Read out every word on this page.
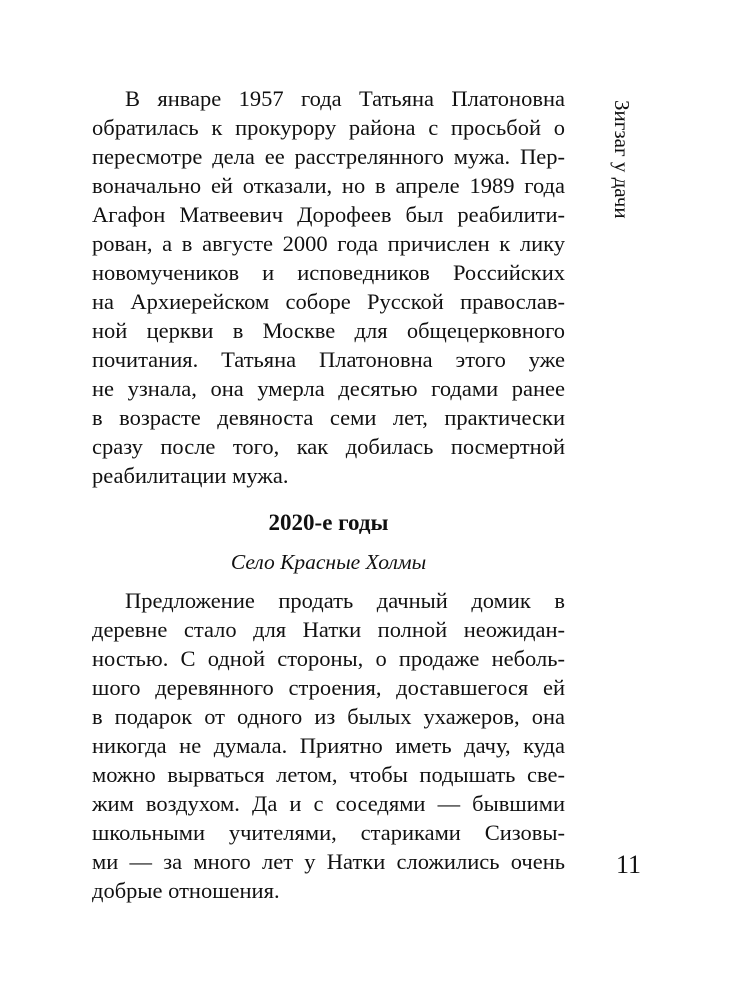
Зигзаг у дачи
В январе 1957 года Татьяна Платоновна
обратилась к прокурору района с просьбой о
пересмотре дела ее расстрелянного мужа. Пер-
воначально ей отказали, но в апреле 1989 года
Агафон Матвеевич Дорофеев был реабилити-
рован, а в августе 2000 года причислен к лику
новомучеников и исповедников Российских
на Архиерейском соборе Русской православ-
ной церкви в Москве для общецерковного
почитания. Татьяна Платоновна этого уже
не узнала, она умерла десятью годами ранее
в возрасте девяноста семи лет, практически
сразу после того, как добилась посмертной
реабилитации мужа.
2020-е годы
Село Красные Холмы
Предложение продать дачный домик в
деревне стало для Натки полной неожидан-
ностью. С одной стороны, о продаже неболь-
шого деревянного строения, доставшегося ей
в подарок от одного из былых ухажеров, она
никогда не думала. Приятно иметь дачу, куда
можно вырваться летом, чтобы подышать све-
жим воздухом. Да и с соседями — бывшими
школьными учителями, стариками Сизовы-
ми — за много лет у Натки сложились очень
добрые отношения.
11
